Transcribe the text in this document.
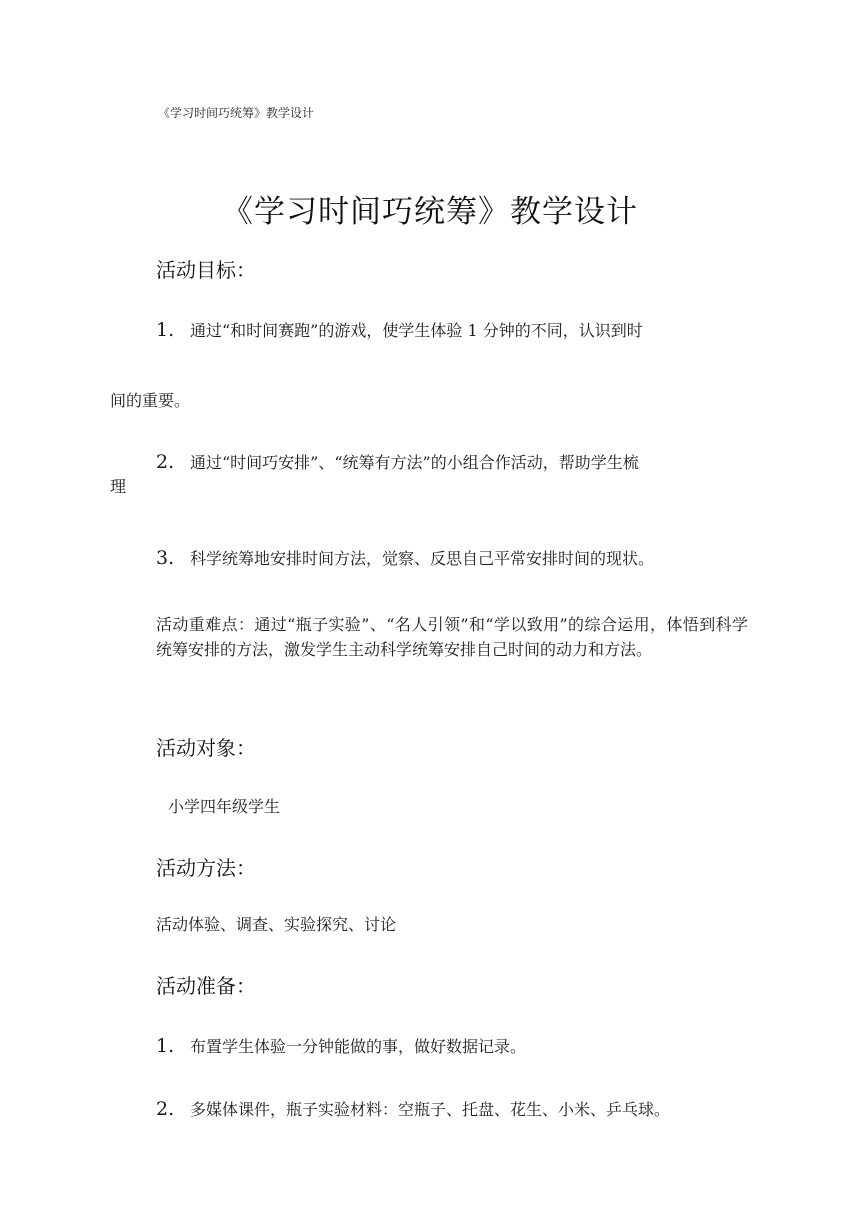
《学习时间巧统筹》教学设计
《学习时间巧统筹》教学设计
活动目标：
1. 通过“和时间赛跑”的游戏，使学生体验 1 分钟的不同，认识到时
间的重要。
2. 通过“时间巧安排”、“统筹有方法”的小组合作活动，帮助学生梳
理
3. 科学统筹地安排时间方法，觉察、反思自己平常安排时间的现状。
活动重难点：通过“瓶子实验”、“名人引领”和“学以致用”的综合运用，体悟到科学统筹安排的方法，激发学生主动科学统筹安排自己时间的动力和方法。
活动对象：
小学四年级学生
活动方法：
活动体验、调查、实验探究、讨论
活动准备：
1. 布置学生体验一分钟能做的事，做好数据记录。
2. 多媒体课件，瓶子实验材料：空瓶子、托盘、花生、小米、乒乓球。
